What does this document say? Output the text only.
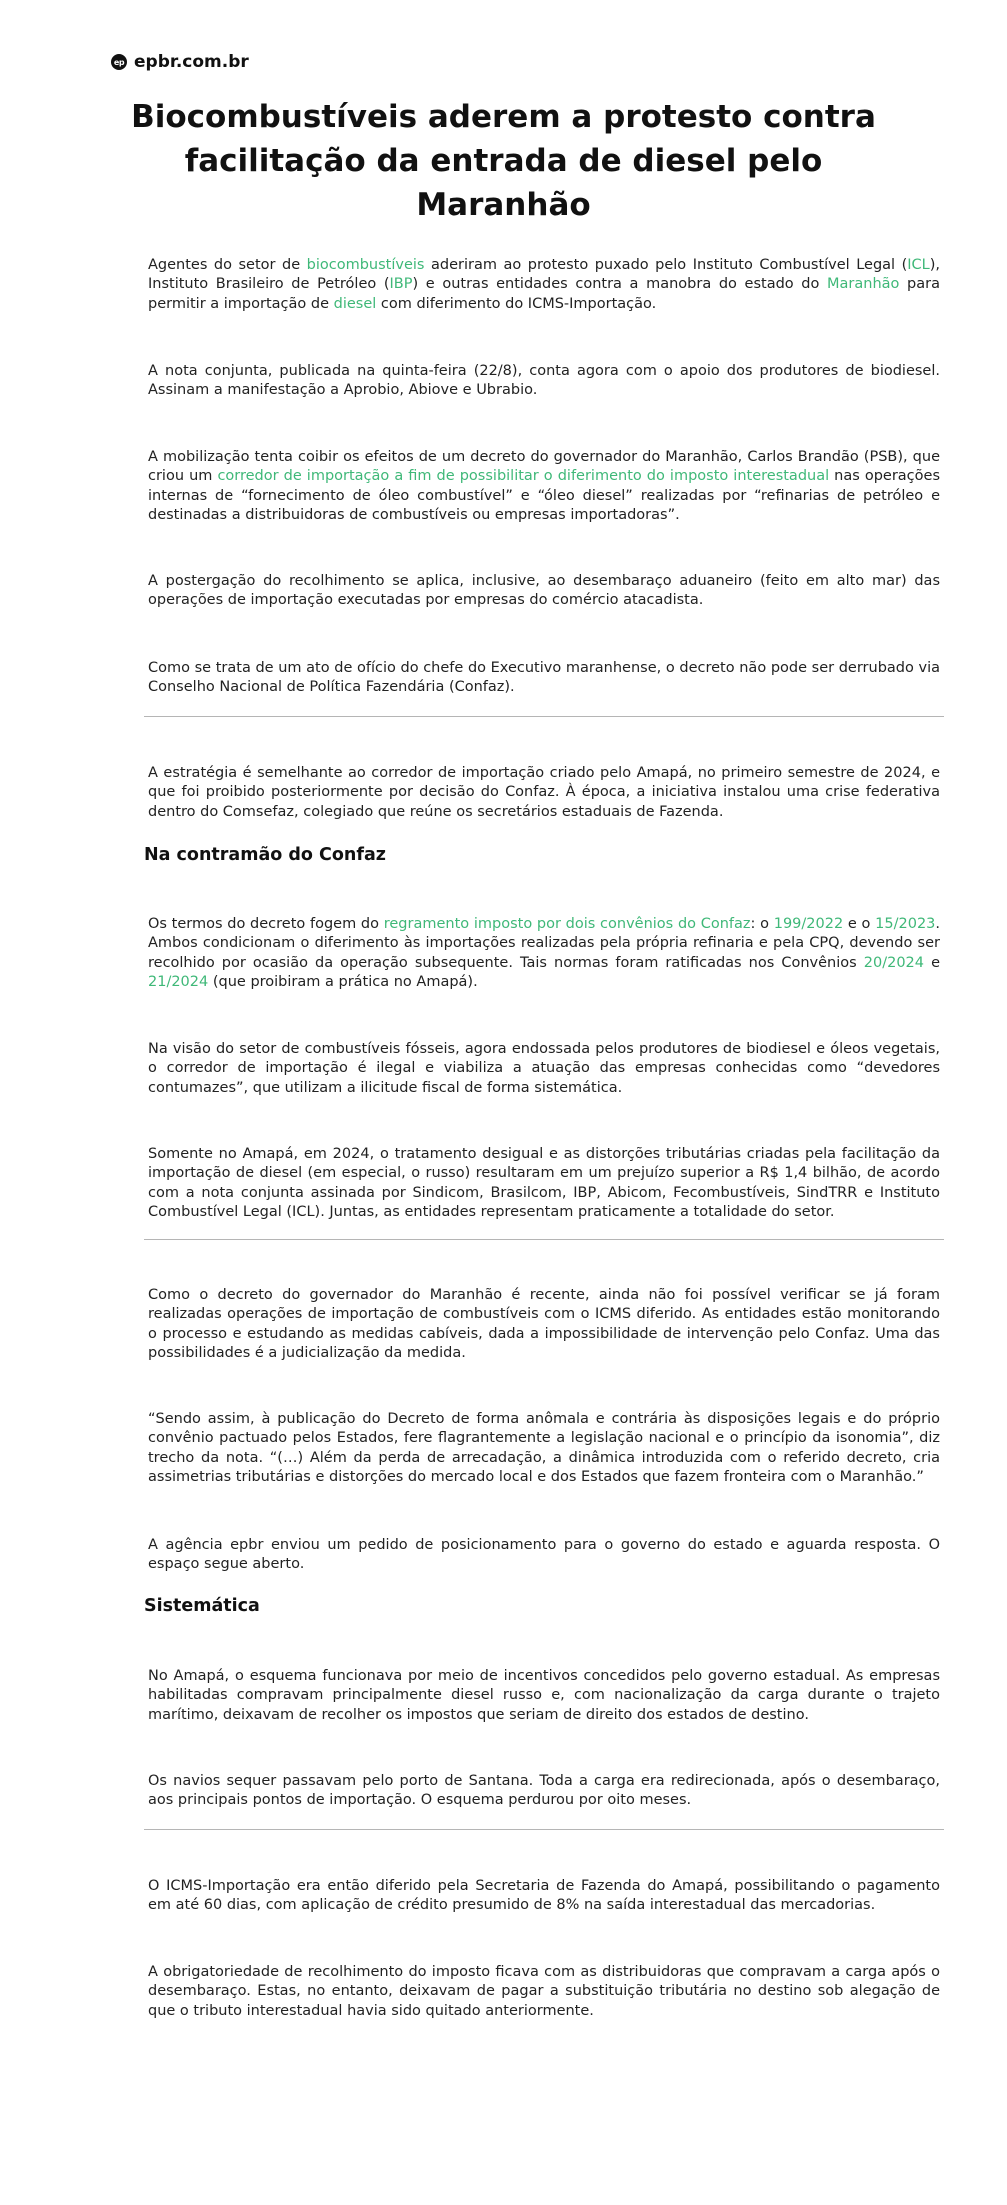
ep epbr.com.br
Biocombustíveis aderem a protesto contra
facilitação da entrada de diesel pelo Maranhão

Agentes do setor de biocombustíveis aderiram ao protesto puxado pelo Instituto Combustível Legal (ICL), Instituto Brasileiro de Petróleo (IBP) e outras entidades contra a manobra do estado do Maranhão para permitir a importação de diesel com diferimento do ICMS-Importação.

A nota conjunta, publicada na quinta-feira (22/8), conta agora com o apoio dos produtores de biodiesel. Assinam a manifestação a Aprobio, Abiove e Ubrabio.

A mobilização tenta coibir os efeitos de um decreto do governador do Maranhão, Carlos Brandão (PSB), que criou um corredor de importação a fim de possibilitar o diferimento do imposto interestadual nas operações internas de “fornecimento de óleo combustível” e “óleo diesel” realizadas por “refinarias de petróleo e destinadas a distribuidoras de combustíveis ou empresas importadoras”.

A postergação do recolhimento se aplica, inclusive, ao desembaraço aduaneiro (feito em alto mar) das operações de importação executadas por empresas do comércio atacadista.

Como se trata de um ato de ofício do chefe do Executivo maranhense, o decreto não pode ser derrubado via Conselho Nacional de Política Fazendária (Confaz).

A estratégia é semelhante ao corredor de importação criado pelo Amapá, no primeiro semestre de 2024, e que foi proibido posteriormente por decisão do Confaz. À época, a iniciativa instalou uma crise federativa dentro do Comsefaz, colegiado que reúne os secretários estaduais de Fazenda.

Na contramão do Confaz

Os termos do decreto fogem do regramento imposto por dois convênios do Confaz: o 199/2022 e o 15/2023. Ambos condicionam o diferimento às importações realizadas pela própria refinaria e pela CPQ, devendo ser recolhido por ocasião da operação subsequente. Tais normas foram ratificadas nos Convênios 20/2024 e 21/2024 (que proibiram a prática no Amapá).

Na visão do setor de combustíveis fósseis, agora endossada pelos produtores de biodiesel e óleos vegetais, o corredor de importação é ilegal e viabiliza a atuação das empresas conhecidas como “devedores contumazes”, que utilizam a ilicitude fiscal de forma sistemática.

Somente no Amapá, em 2024, o tratamento desigual e as distorções tributárias criadas pela facilitação da importação de diesel (em especial, o russo) resultaram em um prejuízo superior a R$ 1,4 bilhão, de acordo com a nota conjunta assinada por Sindicom, Brasilcom, IBP, Abicom, Fecombustíveis, SindTRR e Instituto Combustível Legal (ICL). Juntas, as entidades representam praticamente a totalidade do setor.

Como o decreto do governador do Maranhão é recente, ainda não foi possível verificar se já foram realizadas operações de importação de combustíveis com o ICMS diferido. As entidades estão monitorando o processo e estudando as medidas cabíveis, dada a impossibilidade de intervenção pelo Confaz. Uma das possibilidades é a judicialização da medida.

“Sendo assim, à publicação do Decreto de forma anômala e contrária às disposições legais e do próprio convênio pactuado pelos Estados, fere flagrantemente a legislação nacional e o princípio da isonomia”, diz trecho da nota. “(…) Além da perda de arrecadação, a dinâmica introduzida com o referido decreto, cria assimetrias tributárias e distorções do mercado local e dos Estados que fazem fronteira com o Maranhão.”

A agência epbr enviou um pedido de posicionamento para o governo do estado e aguarda resposta. O espaço segue aberto.

Sistemática

No Amapá, o esquema funcionava por meio de incentivos concedidos pelo governo estadual. As empresas habilitadas compravam principalmente diesel russo e, com nacionalização da carga durante o trajeto marítimo, deixavam de recolher os impostos que seriam de direito dos estados de destino.

Os navios sequer passavam pelo porto de Santana. Toda a carga era redirecionada, após o desembaraço, aos principais pontos de importação. O esquema perdurou por oito meses.

O ICMS-Importação era então diferido pela Secretaria de Fazenda do Amapá, possibilitando o pagamento em até 60 dias, com aplicação de crédito presumido de 8% na saída interestadual das mercadorias.

A obrigatoriedade de recolhimento do imposto ficava com as distribuidoras que compravam a carga após o desembaraço. Estas, no entanto, deixavam de pagar a substituição tributária no destino sob alegação de que o tributo interestadual havia sido quitado anteriormente.
